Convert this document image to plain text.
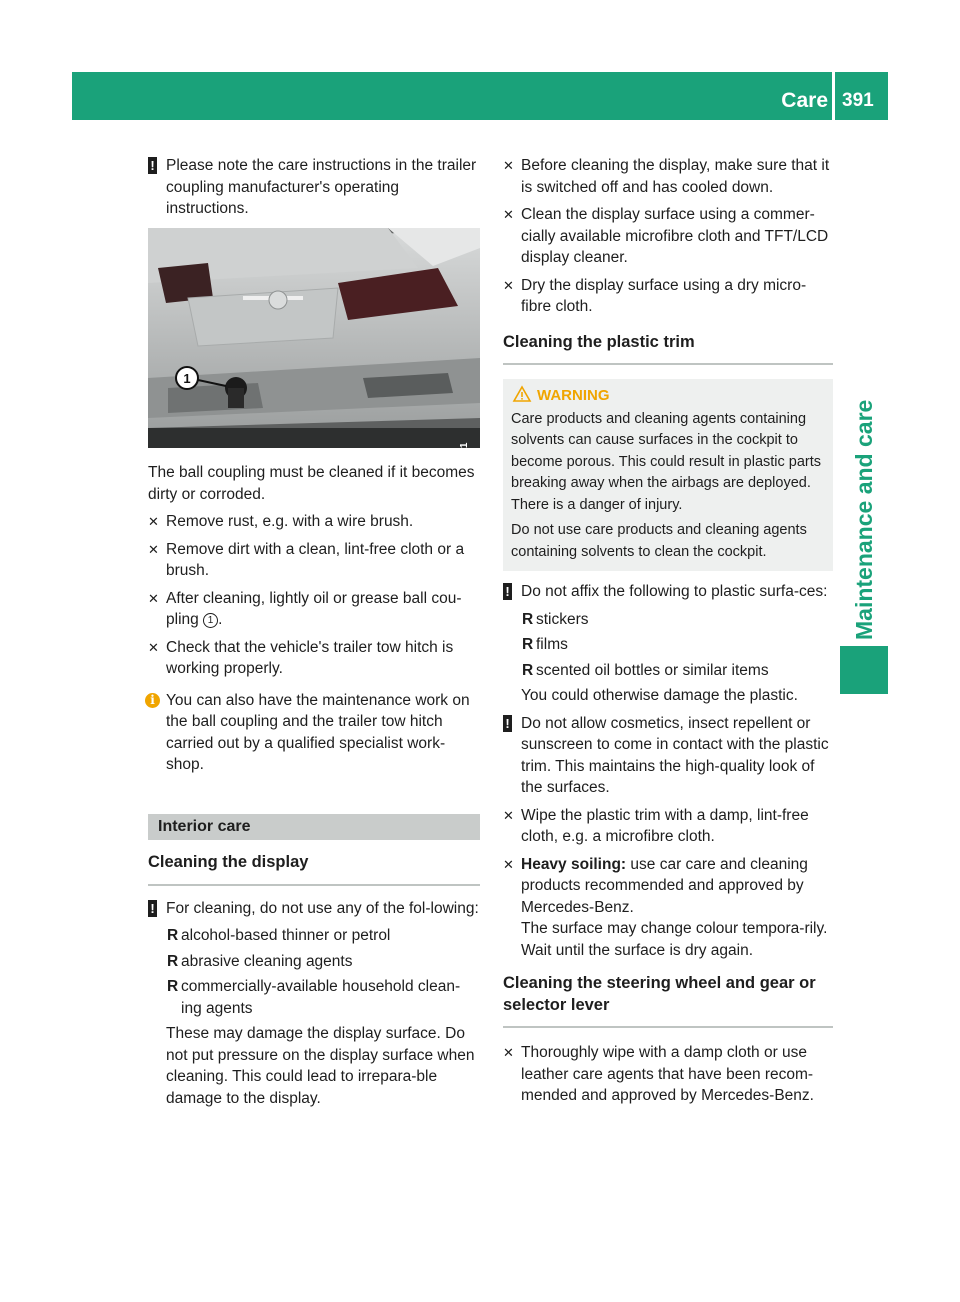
Care 391
Maintenance and care
! Please note the care instructions in the trailer coupling manufacturer's operating instructions.
1
P31.10-3602-31
The ball coupling must be cleaned if it becomes dirty or corroded.
✕ Remove rust, e.g. with a wire brush.
✕ Remove dirt with a clean, lint-free cloth or a brush.
✕ After cleaning, lightly oil or grease ball cou-pling 1 .
✕ Check that the vehicle's trailer tow hitch is working properly.
i You can also have the maintenance work on the ball coupling and the trailer tow hitch carried out by a qualified specialist work-shop.
Interior care
Cleaning the display
! For cleaning, do not use any of the fol-lowing:
R alcohol-based thinner or petrol
R abrasive cleaning agents
R commercially-available household clean-ing agents
These may damage the display surface. Do not put pressure on the display surface when cleaning. This could lead to irrepara-ble damage to the display.
✕ Before cleaning the display, make sure that it is switched off and has cooled down.
✕ Clean the display surface using a commer-cially available microfibre cloth and TFT/LCD display cleaner.
✕ Dry the display surface using a dry micro-fibre cloth.
Cleaning the plastic trim
WARNING
Care products and cleaning agents containing solvents can cause surfaces in the cockpit to become porous. This could result in plastic parts breaking away when the airbags are deployed. There is a danger of injury.
Do not use care products and cleaning agents containing solvents to clean the cockpit.
! Do not affix the following to plastic surfa-ces:
R stickers
R films
R scented oil bottles or similar items
You could otherwise damage the plastic.
! Do not allow cosmetics, insect repellent or sunscreen to come in contact with the plastic trim. This maintains the high-quality look of the surfaces.
✕ Wipe the plastic trim with a damp, lint-free cloth, e.g. a microfibre cloth.
✕ Heavy soiling: use car care and cleaning products recommended and approved by Mercedes-Benz.
The surface may change colour tempora-rily. Wait until the surface is dry again.
Cleaning the steering wheel and gear or selector lever
✕ Thoroughly wipe with a damp cloth or use leather care agents that have been recom-mended and approved by Mercedes-Benz.
